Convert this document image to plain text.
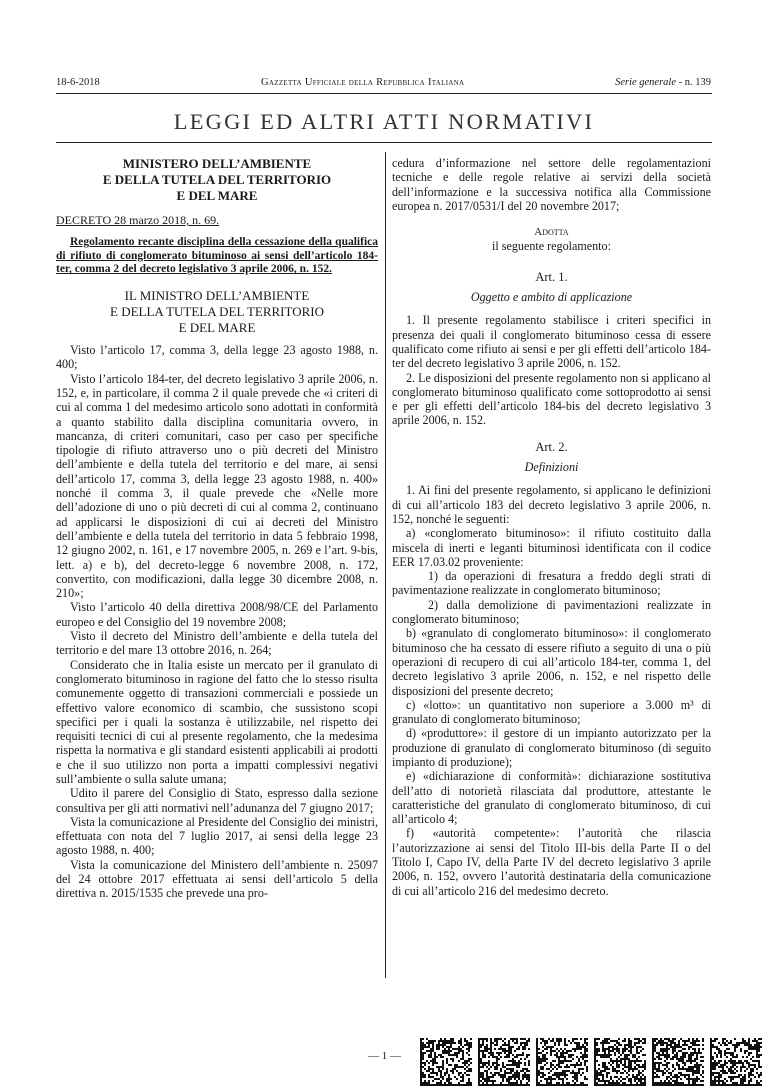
18-6-2018	Gazzetta Ufficiale della Repubblica Italiana	Serie generale - n. 139
LEGGI ED ALTRI ATTI NORMATIVI
MINISTERO DELL’AMBIENTE
E DELLA TUTELA DEL TERRITORIO
E DEL MARE

DECRETO 28 marzo 2018, n. 69.

Regolamento recante disciplina della cessazione della qualifica di rifiuto di conglomerato bituminoso ai sensi dell’articolo 184-ter, comma 2 del decreto legislativo 3 aprile 2006, n. 152.

IL MINISTRO DELL’AMBIENTE
E DELLA TUTELA DEL TERRITORIO
E DEL MARE

Visto l’articolo 17, comma 3, della legge 23 agosto 1988, n. 400;

Visto l’articolo 184-ter, del decreto legislativo 3 aprile 2006, n. 152, e, in particolare, il comma 2 il quale prevede che «i criteri di cui al comma 1 del medesimo articolo sono adottati in conformità a quanto stabilito dalla disciplina comunitaria ovvero, in mancanza, di criteri comunitari, caso per caso per specifiche tipologie di rifiuto attraverso uno o più decreti del Ministro dell’ambiente e della tutela del territorio e del mare, ai sensi dell’articolo 17, comma 3, della legge 23 agosto 1988, n. 400» nonché il comma 3, il quale prevede che «Nelle more dell’adozione di uno o più decreti di cui al comma 2, continuano ad applicarsi le disposizioni di cui ai decreti del Ministro dell’ambiente e della tutela del territorio in data 5 febbraio 1998, 12 giugno 2002, n. 161, e 17 novembre 2005, n. 269 e l’art. 9-bis, lett. a) e b), del decreto-legge 6 novembre 2008, n. 172, convertito, con modificazioni, dalla legge 30 dicembre 2008, n. 210»;

Visto l’articolo 40 della direttiva 2008/98/CE del Parlamento europeo e del Consiglio del 19 novembre 2008;

Visto il decreto del Ministro dell’ambiente e della tutela del territorio e del mare 13 ottobre 2016, n. 264;

Considerato che in Italia esiste un mercato per il granulato di conglomerato bituminoso in ragione del fatto che lo stesso risulta comunemente oggetto di transazioni commerciali e possiede un effettivo valore economico di scambio, che sussistono scopi specifici per i quali la sostanza è utilizzabile, nel rispetto dei requisiti tecnici di cui al presente regolamento, che la medesima rispetta la normativa e gli standard esistenti applicabili ai prodotti e che il suo utilizzo non porta a impatti complessivi negativi sull’ambiente o sulla salute umana;

Udito il parere del Consiglio di Stato, espresso dalla sezione consultiva per gli atti normativi nell’adunanza del 7 giugno 2017;

Vista la comunicazione al Presidente del Consiglio dei ministri, effettuata con nota del 7 luglio 2017, ai sensi della legge 23 agosto 1988, n. 400;

Vista la comunicazione del Ministero dell’ambiente n. 25097 del 24 ottobre 2017 effettuata ai sensi dell’articolo 5 della direttiva n. 2015/1535 che prevede una pro-

cedura d’informazione nel settore delle regolamentazioni tecniche e delle regole relative ai servizi della società dell’informazione e la successiva notifica alla Commissione europea n. 2017/0531/I del 20 novembre 2017;

Adotta
il seguente regolamento:
Art. 1.
Oggetto e ambito di applicazione

1. Il presente regolamento stabilisce i criteri specifici in presenza dei quali il conglomerato bituminoso cessa di essere qualificato come rifiuto ai sensi e per gli effetti dell’articolo 184-ter del decreto legislativo 3 aprile 2006, n. 152.

2. Le disposizioni del presente regolamento non si applicano al conglomerato bituminoso qualificato come sottoprodotto ai sensi e per gli effetti dell’articolo 184-bis del decreto legislativo 3 aprile 2006, n. 152.

Art. 2.
Definizioni

1. Ai fini del presente regolamento, si applicano le definizioni di cui all’articolo 183 del decreto legislativo 3 aprile 2006, n. 152, nonché le seguenti:

a) «conglomerato bituminoso»: il rifiuto costituito dalla miscela di inerti e leganti bituminosi identificata con il codice EER 17.03.02 proveniente:

1) da operazioni di fresatura a freddo degli strati di pavimentazione realizzate in conglomerato bituminoso;

2) dalla demolizione di pavimentazioni realizzate in conglomerato bituminoso;

b) «granulato di conglomerato bituminoso»: il conglomerato bituminoso che ha cessato di essere rifiuto a seguito di una o più operazioni di recupero di cui all’articolo 184-ter, comma 1, del decreto legislativo 3 aprile 2006, n. 152, e nel rispetto delle disposizioni del presente decreto;

c) «lotto»: un quantitativo non superiore a 3.000 m³ di granulato di conglomerato bituminoso;

d) «produttore»: il gestore di un impianto autorizzato per la produzione di granulato di conglomerato bituminoso (di seguito impianto di produzione);

e) «dichiarazione di conformità»: dichiarazione sostitutiva dell’atto di notorietà rilasciata dal produttore, attestante le caratteristiche del granulato di conglomerato bituminoso, di cui all’articolo 4;

f) «autorità competente»: l’autorità che rilascia l’autorizzazione ai sensi del Titolo III-bis della Parte II o del Titolo I, Capo IV, della Parte IV del decreto legislativo 3 aprile 2006, n. 152, ovvero l’autorità destinataria della comunicazione di cui all’articolo 216 del medesimo decreto.

— 1 —
